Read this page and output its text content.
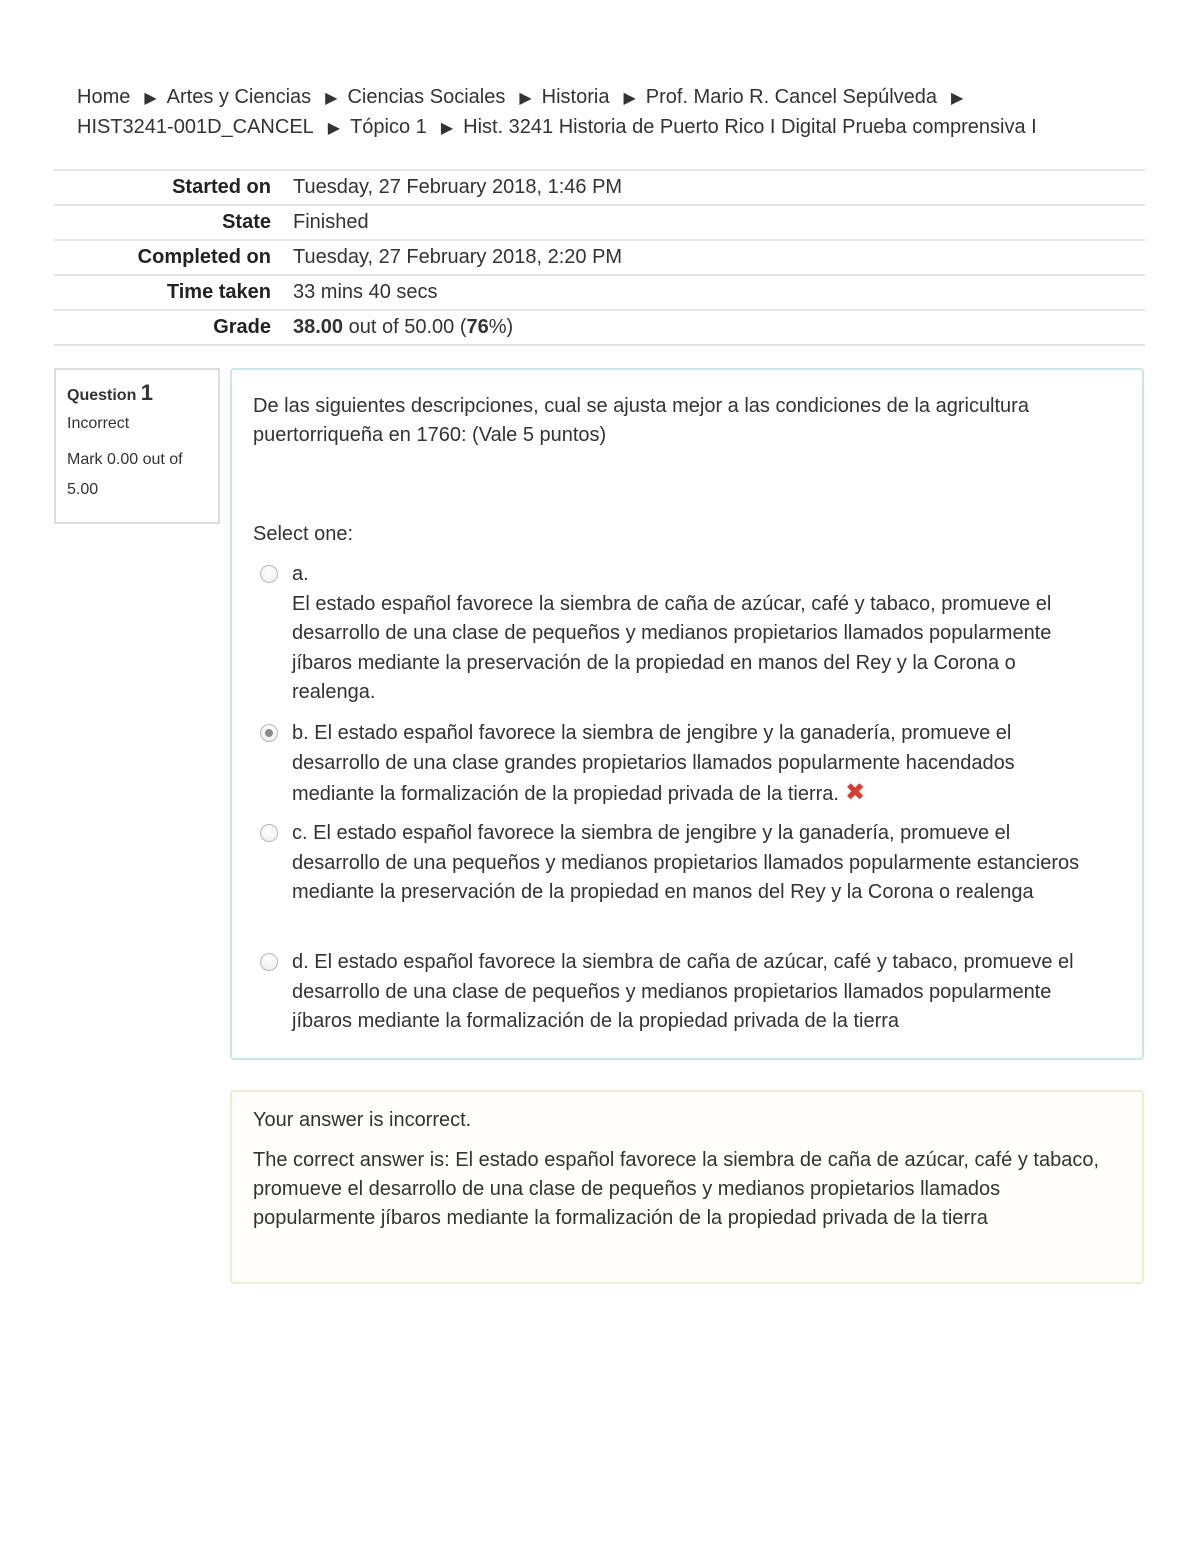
Home ▶ Artes y Ciencias ▶ Ciencias Sociales ▶ Historia ▶ Prof. Mario R. Cancel Sepúlveda ▶
HIST3241-001D_CANCEL ▶ Tópico 1 ▶ Hist. 3241 Historia de Puerto Rico I Digital Prueba comprensiva I
Started on	Tuesday, 27 February 2018, 1:46 PM
State	Finished
Completed on	Tuesday, 27 February 2018, 2:20 PM
Time taken	33 mins 40 secs
Grade	38.00 out of 50.00 (76%)
Question 1
Incorrect
Mark 0.00 out of 5.00
De las siguientes descripciones, cual se ajusta mejor a las condiciones de la agricultura puertorriqueña en 1760: (Vale 5 puntos)
Select one:
a.
El estado español favorece la siembra de caña de azúcar, café y tabaco, promueve el desarrollo de una clase de pequeños y medianos propietarios llamados popularmente jíbaros mediante la preservación de la propiedad en manos del Rey y la Corona o realenga.
b. El estado español favorece la siembra de jengibre y la ganadería, promueve el desarrollo de una clase grandes propietarios llamados popularmente hacendados mediante la formalización de la propiedad privada de la tierra. ✖
c. El estado español favorece la siembra de jengibre y la ganadería, promueve el desarrollo de una pequeños y medianos propietarios llamados popularmente estancieros mediante la preservación de la propiedad en manos del Rey y la Corona o realenga
d. El estado español favorece la siembra de caña de azúcar, café y tabaco, promueve el desarrollo de una clase de pequeños y medianos propietarios llamados popularmente jíbaros mediante la formalización de la propiedad privada de la tierra
Your answer is incorrect.
The correct answer is: El estado español favorece la siembra de caña de azúcar, café y tabaco, promueve el desarrollo de una clase de pequeños y medianos propietarios llamados popularmente jíbaros mediante la formalización de la propiedad privada de la tierra
